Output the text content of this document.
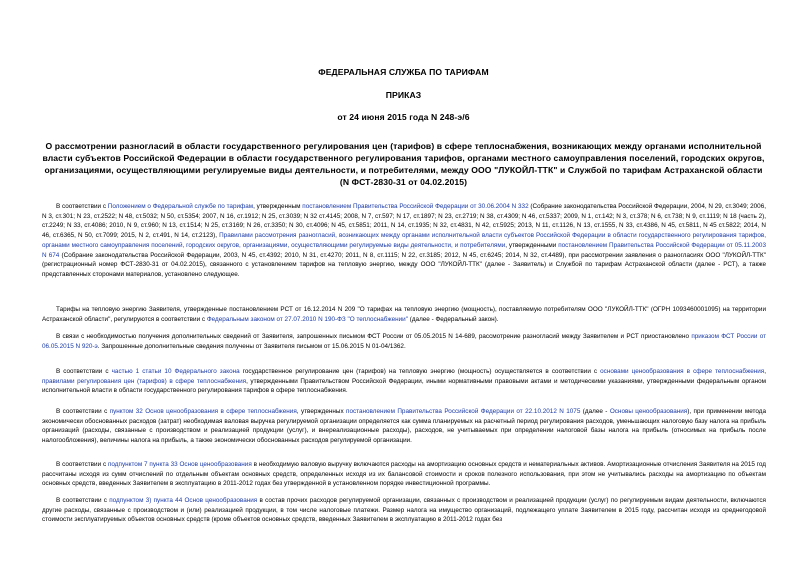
ФЕДЕРАЛЬНАЯ СЛУЖБА ПО ТАРИФАМ
ПРИКАЗ
от 24 июня 2015 года N 248-э/6
О рассмотрении разногласий в области государственного регулирования цен (тарифов) в сфере теплоснабжения, возникающих между органами исполнительной власти субъектов Российской Федерации в области государственного регулирования тарифов, органами местного самоуправления поселений, городских округов, организациями, осуществляющими регулируемые виды деятельности, и потребителями, между ООО "ЛУКОЙЛ-ТТК" и Службой по тарифам Астраханской области (N ФСТ-2830-31 от 04.02.2015)
В соответствии с Положением о Федеральной службе по тарифам, утвержденным постановлением Правительства Российской Федерации от 30.06.2004 N 332 (Собрание законодательства Российской Федерации, 2004, N 29, ст.3049; 2006, N 3, ст.301; N 23, ст.2522; N 48, ст.5032; N 50, ст.5354; 2007, N 16, ст.1912; N 25, ст.3039; N 32 ст.4145; 2008, N 7, ст.597; N 17, ст.1897; N 23, ст.2719; N 38, ст.4309; N 46, ст.5337; 2009, N 1, ст.142; N 3, ст.378; N 6, ст.738; N 9, ст.1119; N 18 (часть 2), ст.2249; N 33, ст.4086; 2010, N 9, ст.960; N 13, ст.1514; N 25, ст.3169; N 26, ст.3350; N 30, ст.4096; N 45, ст.5851; 2011, N 14, ст.1935; N 32, ст.4831, N 42, ст.5925; 2013, N 11, ст.1126, N 13, ст.1555, N 33, ст.4386, N 45, ст.5811, N 45 ст.5822; 2014, N 46, ст.6365, N 50, ст.7099; 2015, N 2, ст.491, N 14, ст.2123), Правилами рассмотрения разногласий, возникающих между органами исполнительной власти субъектов Российской Федерации в области государственного регулирования тарифов, органами местного самоуправления поселений, городских округов, организациями, осуществляющими регулируемые виды деятельности, и потребителями, утвержденными постановлением Правительства Российской Федерации от 05.11.2003 N 674 (Собрание законодательства Российской Федерации, 2003, N 45, ст.4392; 2010, N 31, ст.4270; 2011, N 8, ст.1115; N 22, ст.3185; 2012, N 45, ст.6245; 2014, N 32, ст.4489), при рассмотрении заявления о разногласиях ООО "ЛУКОЙЛ-ТТК" (регистрационный номер ФСТ-2830-31 от 04.02.2015), связанного с установлением тарифов на тепловую энергию, между ООО "ЛУКОЙЛ-ТТК" (далее - Заявитель) и Службой по тарифам Астраханской области (далее - РСТ), а также представленных сторонами материалов, установлено следующее.
Тарифы на тепловую энергию Заявителя, утвержденные постановлением РСТ от 16.12.2014 N 209 "О тарифах на тепловую энергию (мощность), поставляемую потребителям ООО "ЛУКОЙЛ-ТТК" (ОГРН 1093460001095) на территории Астраханской области", регулируются в соответствии с Федеральным законом от 27.07.2010 N 190-ФЗ "О теплоснабжении" (далее - Федеральный закон).
В связи с необходимостью получения дополнительных сведений от Заявителя, запрошенных письмом ФСТ России от 05.05.2015 N 14-689, рассмотрение разногласий между Заявителем и РСТ приостановлено приказом ФСТ России от 06.05.2015 N 920-э. Запрошенные дополнительные сведения получены от Заявителя письмом от 15.06.2015 N 01-04/1362.
В соответствии с частью 1 статьи 10 Федерального закона государственное регулирование цен (тарифов) на тепловую энергию (мощность) осуществляется в соответствии с основами ценообразования в сфере теплоснабжения, правилами регулирования цен (тарифов) в сфере теплоснабжения, утвержденными Правительством Российской Федерации, иными нормативными правовыми актами и методическими указаниями, утвержденными федеральным органом исполнительной власти в области государственного регулирования тарифов в сфере теплоснабжения.
В соответствии с пунктом 32 Основ ценообразования в сфере теплоснабжения, утвержденных постановлением Правительства Российской Федерации от 22.10.2012 N 1075 (далее - Основы ценообразования), при применении метода экономически обоснованных расходов (затрат) необходимая валовая выручка регулируемой организации определяется как сумма планируемых на расчетный период регулирования расходов, уменьшающих налоговую базу налога на прибыль организаций (расходы, связанные с производством и реализацией продукции (услуг), и внереализационные расходы), расходов, не учитываемых при определении налоговой базы налога на прибыль (относимых на прибыль после налогообложения), величины налога на прибыль, а также экономически обоснованных расходов регулируемой организации.
В соответствии с подпунктом 7 пункта 33 Основ ценообразования в необходимую валовую выручку включаются расходы на амортизацию основных средств и нематериальных активов. Амортизационные отчисления Заявителя на 2015 год рассчитаны исходя из сумм отчислений по отдельным объектам основных средств, определенных исходя из их балансовой стоимости и сроков полезного использования, при этом не учитывались расходы на амортизацию по объектам основных средств, введенных Заявителем в эксплуатацию в 2011-2012 годах без утвержденной в установленном порядке инвестиционной программы.
В соответствии с подпунктом 3) пункта 44 Основ ценообразования в состав прочих расходов регулируемой организации, связанных с производством и реализацией продукции (услуг) по регулируемым видам деятельности, включаются другие расходы, связанные с производством и (или) реализацией продукции, в том числе налоговые платежи. Размер налога на имущество организаций, подлежащего уплате Заявителем в 2015 году, рассчитан исходя из среднегодовой стоимости эксплуатируемых объектов основных средств (кроме объектов основных средств, введенных Заявителем в эксплуатацию в 2011-2012 годах без
